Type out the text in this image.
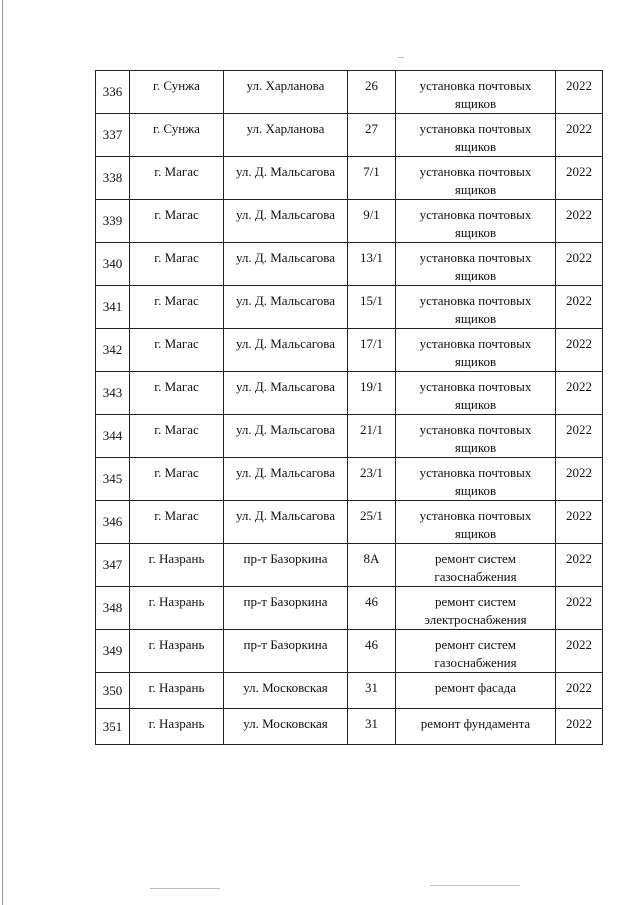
336	г. Сунжа	ул. Харланова	26	установка почтовых ящиков	2022
337	г. Сунжа	ул. Харланова	27	установка почтовых ящиков	2022
338	г. Магас	ул. Д. Мальсагова	7/1	установка почтовых ящиков	2022
339	г. Магас	ул. Д. Мальсагова	9/1	установка почтовых ящиков	2022
340	г. Магас	ул. Д. Мальсагова	13/1	установка почтовых ящиков	2022
341	г. Магас	ул. Д. Мальсагова	15/1	установка почтовых ящиков	2022
342	г. Магас	ул. Д. Мальсагова	17/1	установка почтовых ящиков	2022
343	г. Магас	ул. Д. Мальсагова	19/1	установка почтовых ящиков	2022
344	г. Магас	ул. Д. Мальсагова	21/1	установка почтовых ящиков	2022
345	г. Магас	ул. Д. Мальсагова	23/1	установка почтовых ящиков	2022
346	г. Магас	ул. Д. Мальсагова	25/1	установка почтовых ящиков	2022
347	г. Назрань	пр-т Базоркина	8А	ремонт систем газоснабжения	2022
348	г. Назрань	пр-т Базоркина	46	ремонт систем электроснабжения	2022
349	г. Назрань	пр-т Базоркина	46	ремонт систем газоснабжения	2022
350	г. Назрань	ул. Московская	31	ремонт фасада	2022
351	г. Назрань	ул. Московская	31	ремонт фундамента	2022
